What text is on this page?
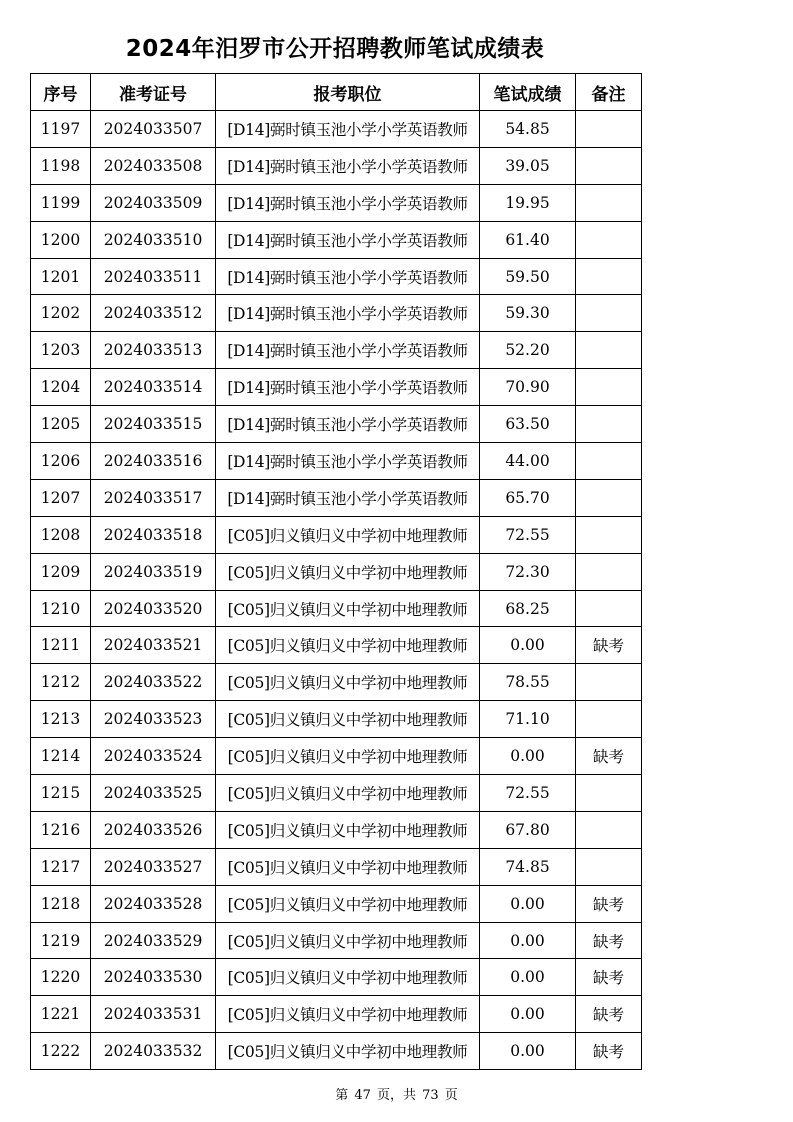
2024年汨罗市公开招聘教师笔试成绩表
序号	准考证号	报考职位	笔试成绩	备注
1197	2024033507	[D14]弼时镇玉池小学小学英语教师	54.85	
1198	2024033508	[D14]弼时镇玉池小学小学英语教师	39.05	
1199	2024033509	[D14]弼时镇玉池小学小学英语教师	19.95	
1200	2024033510	[D14]弼时镇玉池小学小学英语教师	61.40	
1201	2024033511	[D14]弼时镇玉池小学小学英语教师	59.50	
1202	2024033512	[D14]弼时镇玉池小学小学英语教师	59.30	
1203	2024033513	[D14]弼时镇玉池小学小学英语教师	52.20	
1204	2024033514	[D14]弼时镇玉池小学小学英语教师	70.90	
1205	2024033515	[D14]弼时镇玉池小学小学英语教师	63.50	
1206	2024033516	[D14]弼时镇玉池小学小学英语教师	44.00	
1207	2024033517	[D14]弼时镇玉池小学小学英语教师	65.70	
1208	2024033518	[C05]归义镇归义中学初中地理教师	72.55	
1209	2024033519	[C05]归义镇归义中学初中地理教师	72.30	
1210	2024033520	[C05]归义镇归义中学初中地理教师	68.25	
1211	2024033521	[C05]归义镇归义中学初中地理教师	0.00	缺考
1212	2024033522	[C05]归义镇归义中学初中地理教师	78.55	
1213	2024033523	[C05]归义镇归义中学初中地理教师	71.10	
1214	2024033524	[C05]归义镇归义中学初中地理教师	0.00	缺考
1215	2024033525	[C05]归义镇归义中学初中地理教师	72.55	
1216	2024033526	[C05]归义镇归义中学初中地理教师	67.80	
1217	2024033527	[C05]归义镇归义中学初中地理教师	74.85	
1218	2024033528	[C05]归义镇归义中学初中地理教师	0.00	缺考
1219	2024033529	[C05]归义镇归义中学初中地理教师	0.00	缺考
1220	2024033530	[C05]归义镇归义中学初中地理教师	0.00	缺考
1221	2024033531	[C05]归义镇归义中学初中地理教师	0.00	缺考
1222	2024033532	[C05]归义镇归义中学初中地理教师	0.00	缺考
第 47 页，共 73 页
